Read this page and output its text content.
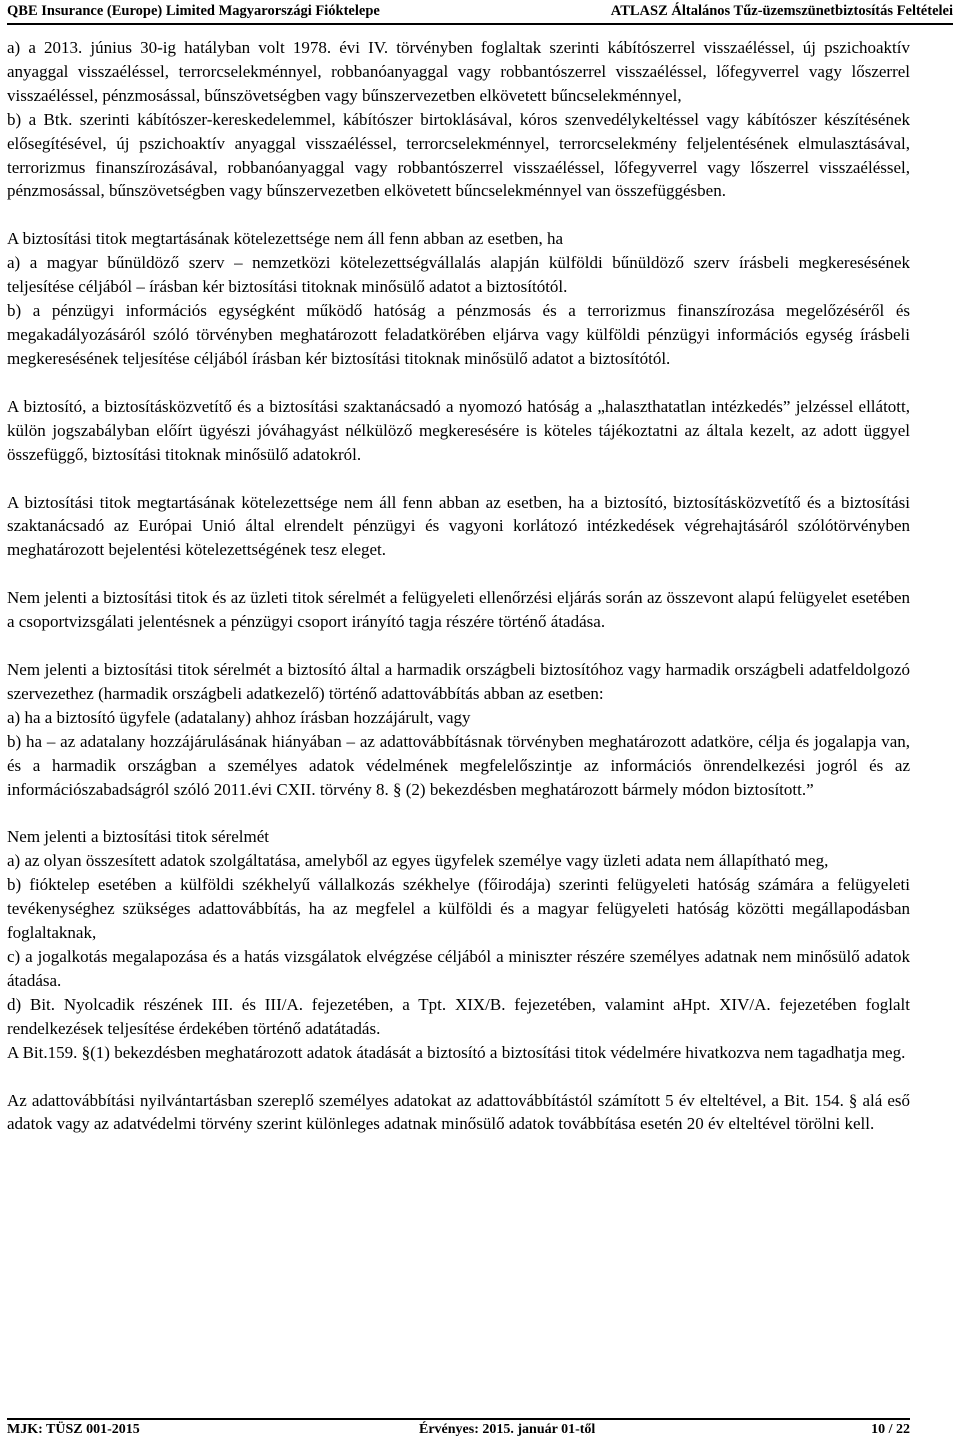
QBE Insurance (Europe) Limited Magyarországi Fióktelepe	ATLASZ Általános Tűz-üzemszünetbiztosítás Feltételei

a) a 2013. június 30-ig hatályban volt 1978. évi IV. törvényben foglaltak szerinti kábítószerrel visszaéléssel, új pszichoaktív anyaggal visszaéléssel, terrorcselekménnyel, robbanóanyaggal vagy robbantószerrel visszaéléssel, lőfegyverrel vagy lőszerrel visszaéléssel, pénzmosással, bűnszövetségben vagy bűnszervezetben elkövetett bűncselekménnyel,

b) a Btk. szerinti kábítószer-kereskedelemmel, kábítószer birtoklásával, kóros szenvedélykeltéssel vagy kábítószer készítésének elősegítésével, új pszichoaktív anyaggal visszaéléssel, terrorcselekménnyel, terrorcselekmény feljelentésének elmulasztásával, terrorizmus finanszírozásával, robbanóanyaggal vagy robbantószerrel visszaéléssel, lőfegyverrel vagy lőszerrel visszaéléssel, pénzmosással, bűnszövetségben vagy bűnszervezetben elkövetett bűncselekménnyel van összefüggésben.

A biztosítási titok megtartásának kötelezettsége nem áll fenn abban az esetben, ha

a) a magyar bűnüldöző szerv – nemzetközi kötelezettségvállalás alapján külföldi bűnüldöző szerv írásbeli megkeresésének teljesítése céljából – írásban kér biztosítási titoknak minősülő adatot a biztosítótól.

b) a pénzügyi információs egységként működő hatóság a pénzmosás és a terrorizmus finanszírozása megelőzéséről és megakadályozásáról szóló törvényben meghatározott feladatkörében eljárva vagy külföldi pénzügyi információs egység írásbeli megkeresésének teljesítése céljából írásban kér biztosítási titoknak minősülő adatot a biztosítótól.

A biztosító, a biztosításközvetítő és a biztosítási szaktanácsadó a nyomozó hatóság a „halaszthatatlan intézkedés” jelzéssel ellátott, külön jogszabályban előírt ügyészi jóváhagyást nélkülöző megkeresésére is köteles tájékoztatni az általa kezelt, az adott üggyel összefüggő, biztosítási titoknak minősülő adatokról.

A biztosítási titok megtartásának kötelezettsége nem áll fenn abban az esetben, ha a biztosító, biztosításközvetítő és a biztosítási szaktanácsadó az Európai Unió által elrendelt pénzügyi és vagyoni korlátozó intézkedések végrehajtásáról szólótörvényben meghatározott bejelentési kötelezettségének tesz eleget.

Nem jelenti a biztosítási titok és az üzleti titok sérelmét a felügyeleti ellenőrzési eljárás során az összevont alapú felügyelet esetében a csoportvizsgálati jelentésnek a pénzügyi csoport irányító tagja részére történő átadása.

Nem jelenti a biztosítási titok sérelmét a biztosító által a harmadik országbeli biztosítóhoz vagy harmadik országbeli adatfeldolgozó szervezethez (harmadik országbeli adatkezelő) történő adattovábbítás abban az esetben:

a) ha a biztosító ügyfele (adatalany) ahhoz írásban hozzájárult, vagy

b) ha – az adatalany hozzájárulásának hiányában – az adattovábbításnak törvényben meghatározott adatköre, célja és jogalapja van, és a harmadik országban a személyes adatok védelmének megfelelőszintje az információs önrendelkezési jogról és az információszabadságról szóló 2011.évi CXII. törvény 8. § (2) bekezdésben meghatározott bármely módon biztosított.”

Nem jelenti a biztosítási titok sérelmét

a) az olyan összesített adatok szolgáltatása, amelyből az egyes ügyfelek személye vagy üzleti adata nem állapítható meg,

b) fióktelep esetében a külföldi székhelyű vállalkozás székhelye (főirodája) szerinti felügyeleti hatóság számára a felügyeleti tevékenységhez szükséges adattovábbítás, ha az megfelel a külföldi és a magyar felügyeleti hatóság közötti megállapodásban foglaltaknak,

c) a jogalkotás megalapozása és a hatás vizsgálatok elvégzése céljából a miniszter részére személyes adatnak nem minősülő adatok átadása.

d) Bit. Nyolcadik részének III. és III/A. fejezetében, a Tpt. XIX/B. fejezetében, valamint aHpt. XIV/A. fejezetében foglalt rendelkezések teljesítése érdekében történő adatátadás.

A Bit.159. §(1) bekezdésben meghatározott adatok átadását a biztosító a biztosítási titok védelmére hivatkozva nem tagadhatja meg.

Az adattovábbítási nyilvántartásban szereplő személyes adatokat az adattovábbítástól számított 5 év elteltével, a Bit. 154. § alá eső adatok vagy az adatvédelmi törvény szerint különleges adatnak minősülő adatok továbbítása esetén 20 év elteltével törölni kell.

MJK: TÜSZ 001-2015	Érvényes: 2015. január 01-től	10 / 22
